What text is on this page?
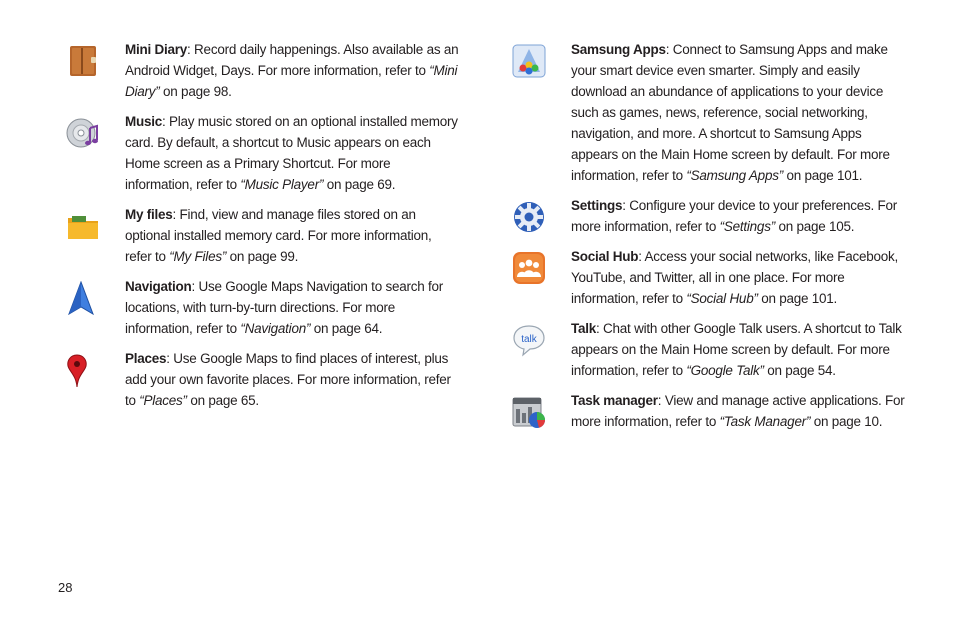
Mini Diary: Record daily happenings. Also available as an Android Widget, Days. For more information, refer to “Mini Diary” on page 98.
Music: Play music stored on an optional installed memory card. By default, a shortcut to Music appears on each Home screen as a Primary Shortcut. For more information, refer to “Music Player” on page 69.
My files: Find, view and manage files stored on an optional installed memory card. For more information, refer to “My Files” on page 99.
Navigation: Use Google Maps Navigation to search for locations, with turn-by-turn directions. For more information, refer to “Navigation” on page 64.
Places: Use Google Maps to find places of interest, plus add your own favorite places. For more information, refer to “Places” on page 65.
Samsung Apps: Connect to Samsung Apps and make your smart device even smarter. Simply and easily download an abundance of applications to your device such as games, news, reference, social networking, navigation, and more. A shortcut to Samsung Apps appears on the Main Home screen by default. For more information, refer to “Samsung Apps” on page 101.
Settings: Configure your device to your preferences. For more information, refer to “Settings” on page 105.
Social Hub: Access your social networks, like Facebook, YouTube, and Twitter, all in one place. For more information, refer to “Social Hub” on page 101.
talk
Talk: Chat with other Google Talk users. A shortcut to Talk appears on the Main Home screen by default. For more information, refer to “Google Talk” on page 54.
Task manager: View and manage active applications. For more information, refer to “Task Manager” on page 10.
28
